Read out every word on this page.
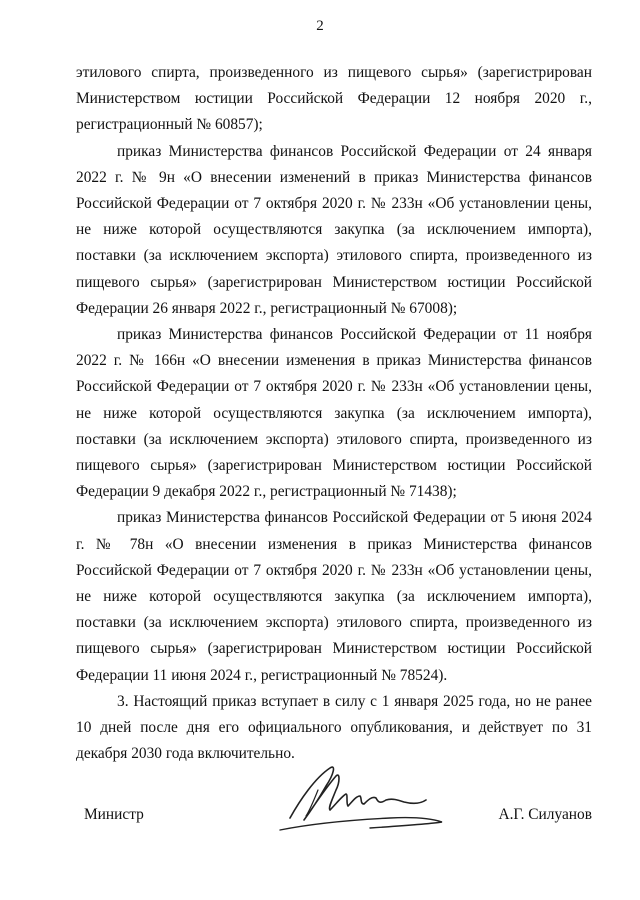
2

этилового спирта, произведенного из пищевого сырья» (зарегистрирован Министерством юстиции Российской Федерации 12 ноября 2020 г., регистрационный № 60857);

приказ Министерства финансов Российской Федерации от 24 января 2022 г. № 9н «О внесении изменений в приказ Министерства финансов Российской Федерации от 7 октября 2020 г. № 233н «Об установлении цены, не ниже которой осуществляются закупка (за исключением импорта), поставки (за исключением экспорта) этилового спирта, произведенного из пищевого сырья» (зарегистрирован Министерством юстиции Российской Федерации 26 января 2022 г., регистрационный № 67008);

приказ Министерства финансов Российской Федерации от 11 ноября 2022 г. № 166н «О внесении изменения в приказ Министерства финансов Российской Федерации от 7 октября 2020 г. № 233н «Об установлении цены, не ниже которой осуществляются закупка (за исключением импорта), поставки (за исключением экспорта) этилового спирта, произведенного из пищевого сырья» (зарегистрирован Министерством юстиции Российской Федерации 9 декабря 2022 г., регистрационный № 71438);

приказ Министерства финансов Российской Федерации от 5 июня 2024 г. № 78н «О внесении изменения в приказ Министерства финансов Российской Федерации от 7 октября 2020 г. № 233н «Об установлении цены, не ниже которой осуществляются закупка (за исключением импорта), поставки (за исключением экспорта) этилового спирта, произведенного из пищевого сырья» (зарегистрирован Министерством юстиции Российской Федерации 11 июня 2024 г., регистрационный № 78524).

3. Настоящий приказ вступает в силу с 1 января 2025 года, но не ранее 10 дней после дня его официального опубликования, и действует по 31 декабря 2030 года включительно.

Министр	А.Г. Силуанов
